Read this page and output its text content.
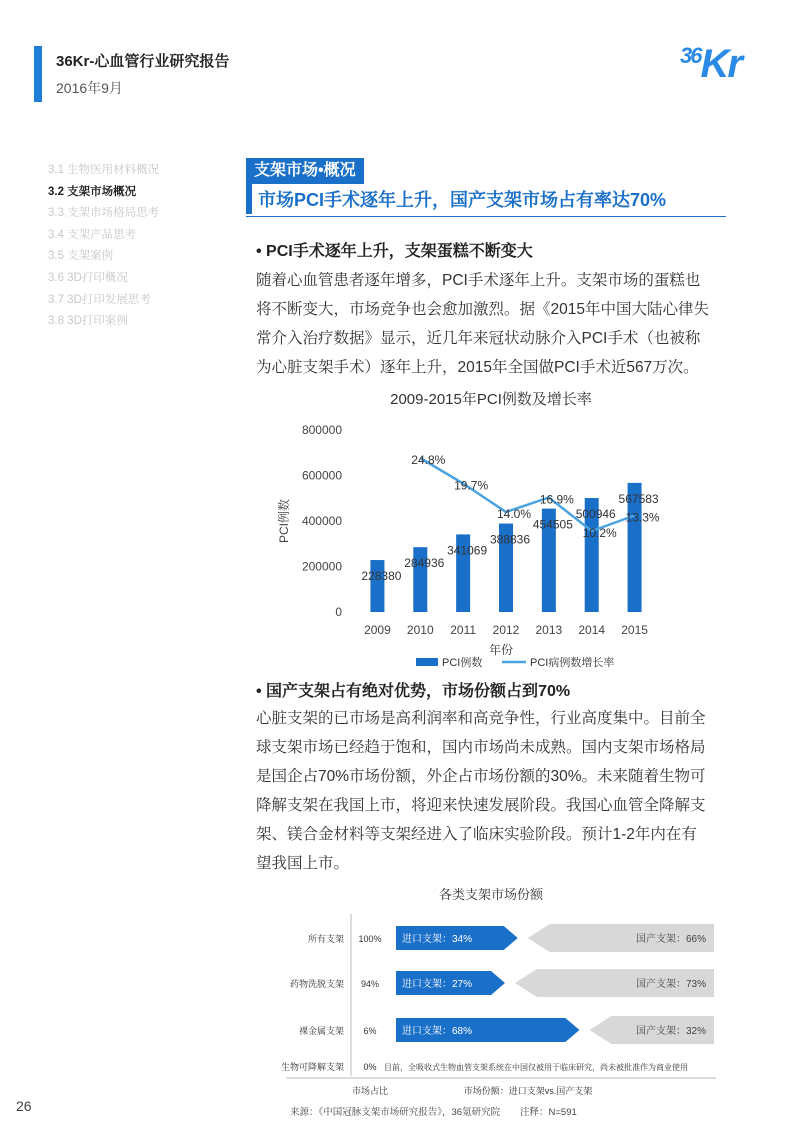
36Kr-心血管行业研究报告
2016年9月
$^{36}$Kr
3.1 生物医用材料概况
3.2 支架市场概况
3.3 支架市场格局思考
3.4 支架产品思考
3.5 支架案例
3.6 3D打印概况
3.7 3D打印发展思考
3.8 3D打印案例
支架市场•概况
市场PCI手术逐年上升，国产支架市场占有率达70%
• PCI手术逐年上升，支架蛋糕不断变大
随着心血管患者逐年增多，PCI手术逐年上升。支架市场的蛋糕也
将不断变大，市场竞争也会愈加激烈。据《2015年中国大陆心律失
常介入治疗数据》显示，近几年来冠状动脉介入PCI手术（也被称
为心脏支架手术）逐年上升，2015年全国做PCI手术近567万次。
2009-2015年PCI例数及增长率
0
200000
400000
600000
800000
PCI例数
2009
228380
2010
284936
2011
341069
2012
388836
2013
454505
2014
500946
2015
567583
24.8%
19.7%
14.0%
16.9%
10.2%
13.3%
年份
PCI例数	PCI病例数增长率
• 国产支架占有绝对优势，市场份额占到70%
心脏支架的已市场是高利润率和高竞争性，行业高度集中。目前全
球支架市场已经趋于饱和，国内市场尚未成熟。国内支架市场格局
是国企占70%市场份额，外企占市场份额的30%。未来随着生物可
降解支架在我国上市，将迎来快速发展阶段。我国心血管全降解支
架、镁合金材料等支架经进入了临床实验阶段。预计1-2年内在有
望我国上市。
各类支架市场份额
所有支架 100% 进口支架：34%	国产支架：66%
药物洗脱支架 94% 进口支架：27%	国产支架：73%
裸金属支架 6%	进口支架：68%	国产支架：32%
生物可降解支架 0% 目前，全吸收式生物血管支架系统在中国仅被用于临床研究，尚未被批准作为商业使用
市场占比	市场份额：进口支架vs.国产支架
26	来源：《中国冠脉支架市场研究报告》，36氪研究院 注释：N=591
